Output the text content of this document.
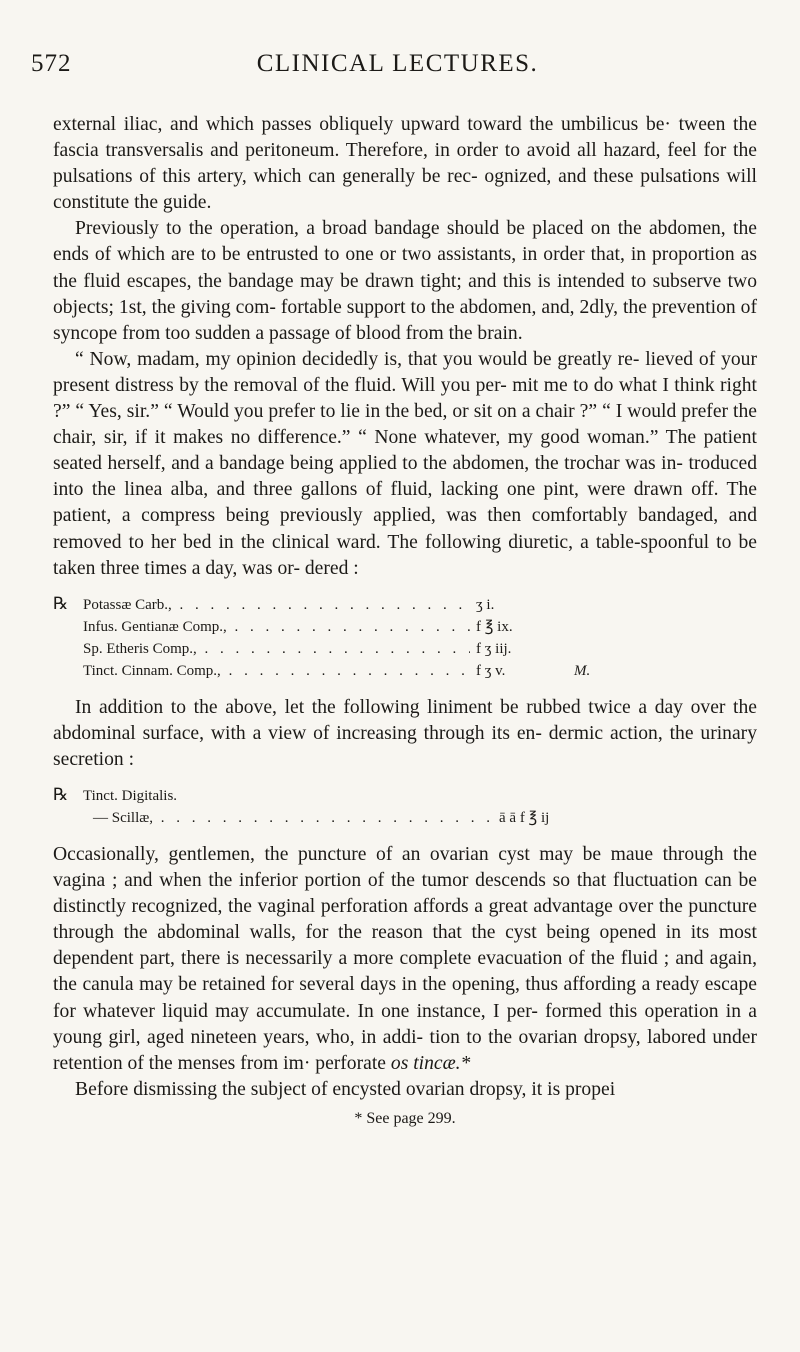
572	CLINICAL LECTURES.

external iliac, and which passes obliquely upward toward the umbilicus be· tween the fascia transversalis and peritoneum. Therefore, in order to avoid all hazard, feel for the pulsations of this artery, which can generally be rec- ognized, and these pulsations will constitute the guide.

Previously to the operation, a broad bandage should be placed on the abdomen, the ends of which are to be entrusted to one or two assistants, in order that, in proportion as the fluid escapes, the bandage may be drawn tight; and this is intended to subserve two objects; 1st, the giving com- fortable support to the abdomen, and, 2dly, the prevention of syncope from too sudden a passage of blood from the brain.

“ Now, madam, my opinion decidedly is, that you would be greatly re- lieved of your present distress by the removal of the fluid. Will you per- mit me to do what I think right ?” “ Yes, sir.” “ Would you prefer to lie in the bed, or sit on a chair ?” “ I would prefer the chair, sir, if it makes no difference.” “ None whatever, my good woman.” The patient seated herself, and a bandage being applied to the abdomen, the trochar was in- troduced into the linea alba, and three gallons of fluid, lacking one pint, were drawn off. The patient, a compress being previously applied, was then comfortably bandaged, and removed to her bed in the clinical ward. The following diuretic, a table-spoonful to be taken three times a day, was or- dered :

℞ Potassæ Carb., . . .	ʒ i.
Infus. Gentianæ Comp., . . .	f ℥ ix.
Sp. Etheris Comp., . . .	f ʒ iij.
Tinct. Cinnam. Comp., . . .	f ʒ v.	M.

In addition to the above, let the following liniment be rubbed twice a day over the abdominal surface, with a view of increasing through its en- dermic action, the urinary secretion :

℞ Tinct. Digitalis.
— Scillæ, . . .	ā ā f ℥ ij

Occasionally, gentlemen, the puncture of an ovarian cyst may be maue through the vagina ; and when the inferior portion of the tumor descends so that fluctuation can be distinctly recognized, the vaginal perforation affords a great advantage over the puncture through the abdominal walls, for the reason that the cyst being opened in its most dependent part, there is necessarily a more complete evacuation of the fluid ; and again, the canula may be retained for several days in the opening, thus affording a ready escape for whatever liquid may accumulate. In one instance, I per- formed this operation in a young girl, aged nineteen years, who, in addi- tion to the ovarian dropsy, labored under retention of the menses from im· perforate os tincæ.*

Before dismissing the subject of encysted ovarian dropsy, it is propei

* See page 299.
